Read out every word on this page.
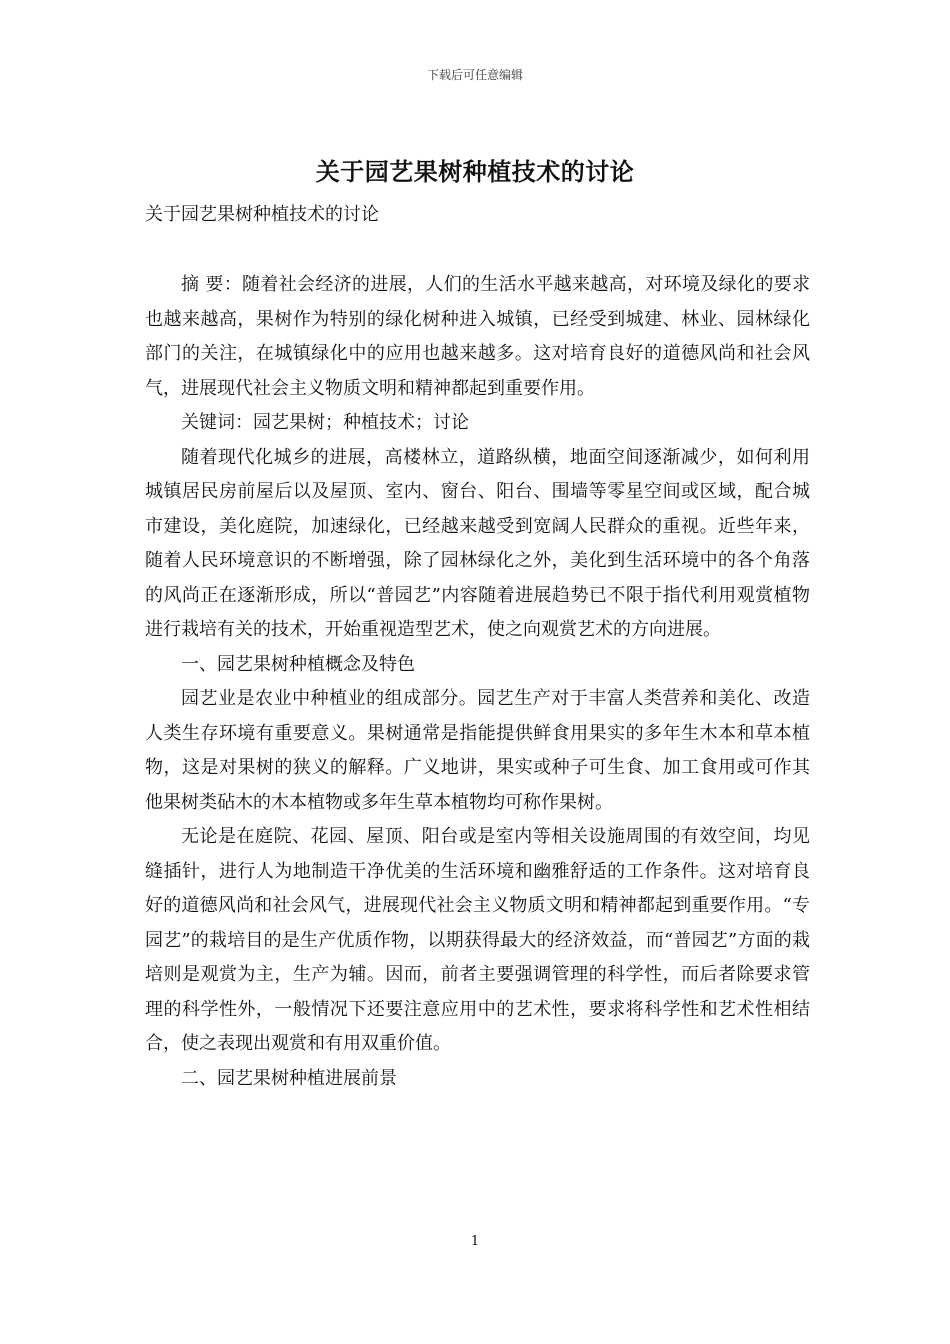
下载后可任意编辑
关于园艺果树种植技术的讨论
关于园艺果树种植技术的讨论

摘 要：随着社会经济的进展，人们的生活水平越来越高，对环境及绿化的要求也越来越高，果树作为特别的绿化树种进入城镇，已经受到城建、林业、园林绿化部门的关注，在城镇绿化中的应用也越来越多。这对培育良好的道德风尚和社会风气，进展现代社会主义物质文明和精神都起到重要作用。

关键词：园艺果树；种植技术；讨论

随着现代化城乡的进展，高楼林立，道路纵横，地面空间逐渐减少，如何利用城镇居民房前屋后以及屋顶、室内、窗台、阳台、围墙等零星空间或区域，配合城市建设，美化庭院，加速绿化，已经越来越受到宽阔人民群众的重视。近些年来，随着人民环境意识的不断增强，除了园林绿化之外，美化到生活环境中的各个角落的风尚正在逐渐形成，所以“普园艺”内容随着进展趋势已不限于指代利用观赏植物进行栽培有关的技术，开始重视造型艺术，使之向观赏艺术的方向进展。

一、园艺果树种植概念及特色

园艺业是农业中种植业的组成部分。园艺生产对于丰富人类营养和美化、改造人类生存环境有重要意义。果树通常是指能提供鲜食用果实的多年生木本和草本植物，这是对果树的狭义的解释。广义地讲，果实或种子可生食、加工食用或可作其他果树类砧木的木本植物或多年生草本植物均可称作果树。

无论是在庭院、花园、屋顶、阳台或是室内等相关设施周围的有效空间，均见缝插针，进行人为地制造干净优美的生活环境和幽雅舒适的工作条件。这对培育良好的道德风尚和社会风气，进展现代社会主义物质文明和精神都起到重要作用。“专园艺”的栽培目的是生产优质作物，以期获得最大的经济效益，而“普园艺”方面的栽培则是观赏为主，生产为辅。因而，前者主要强调管理的科学性，而后者除要求管理的科学性外，一般情况下还要注意应用中的艺术性，要求将科学性和艺术性相结合，使之表现出观赏和有用双重价值。

二、园艺果树种植进展前景

1
